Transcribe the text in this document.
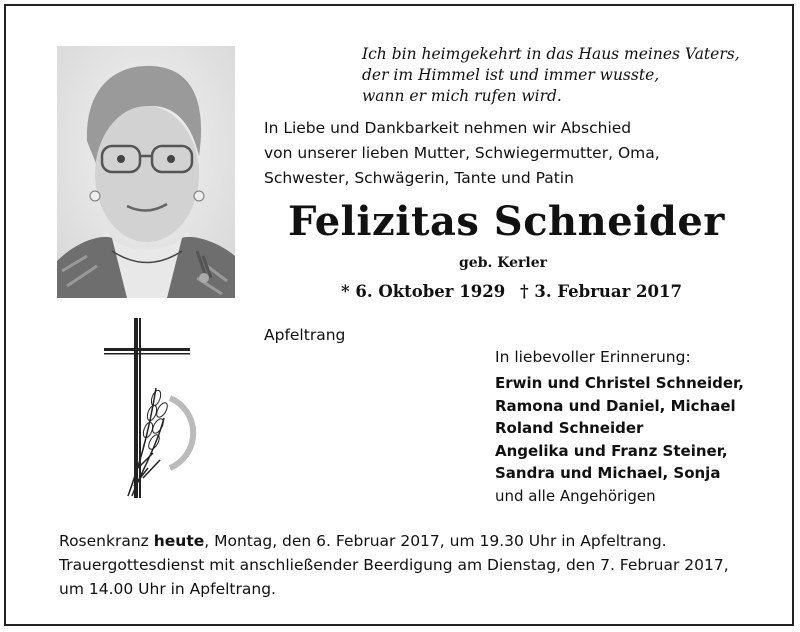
Ich bin heimgekehrt in das Haus meines Vaters,
der im Himmel ist und immer wusste,
wann er mich rufen wird.
In Liebe und Dankbarkeit nehmen wir Abschied
von unserer lieben Mutter, Schwiegermutter, Oma,
Schwester, Schwägerin, Tante und Patin
Felizitas Schneider
geb. Kerler
* 6. Oktober 1929 † 3. Februar 2017
Apfeltrang
In liebevoller Erinnerung:
Erwin und Christel Schneider,
Ramona und Daniel, Michael
Roland Schneider
Angelika und Franz Steiner,
Sandra und Michael, Sonja
und alle Angehörigen
Rosenkranz heute, Montag, den 6. Februar 2017, um 19.30 Uhr in Apfeltrang.
Trauergottesdienst mit anschließender Beerdigung am Dienstag, den 7. Februar 2017,
um 14.00 Uhr in Apfeltrang.
